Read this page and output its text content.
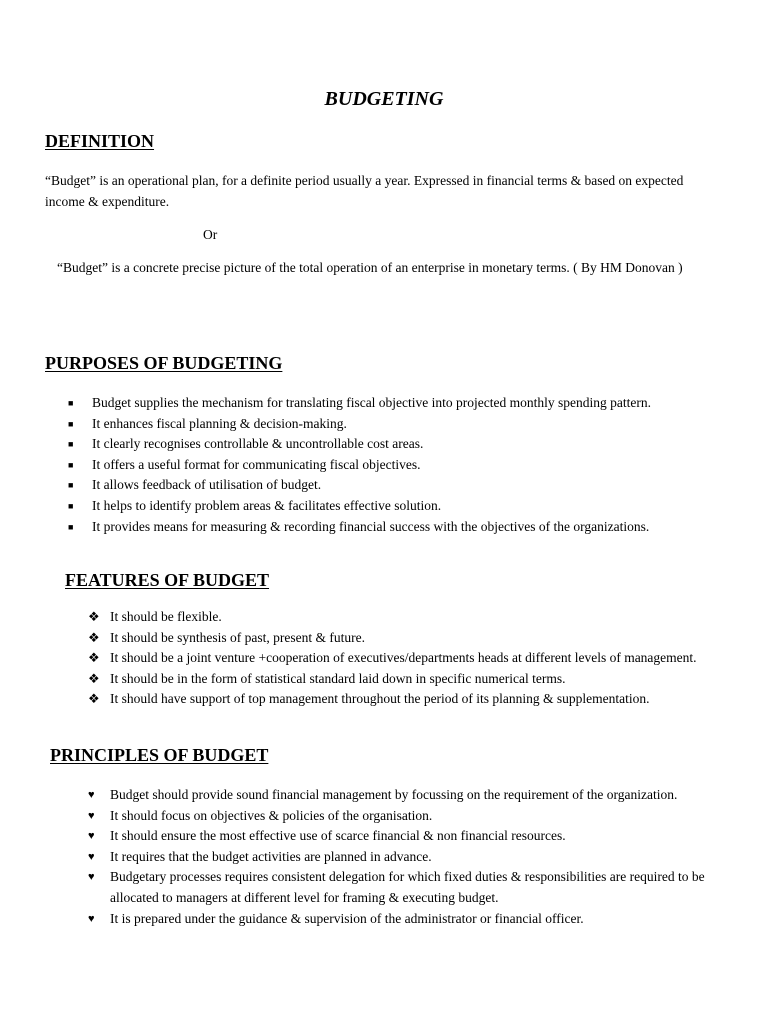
BUDGETING
DEFINITION

“Budget” is an operational plan, for a definite period usually a year. Expressed in financial terms & based on expected income & expenditure.

Or

“Budget” is a concrete precise picture of the total operation of an enterprise in monetary terms. ( By HM Donovan )

PURPOSES OF BUDGETING
■ Budget supplies the mechanism for translating fiscal objective into projected monthly spending pattern.
■ It enhances fiscal planning & decision-making.
■ It clearly recognises controllable & uncontrollable cost areas.
■ It offers a useful format for communicating fiscal objectives.
■ It allows feedback of utilisation of budget.
■ It helps to identify problem areas & facilitates effective solution.
■ It provides means for measuring & recording financial success with the objectives of the organizations.
FEATURES OF BUDGET
❖ It should be flexible.
❖ It should be synthesis of past, present & future.
❖ It should be a joint venture +cooperation of executives/departments heads at different levels of management.
❖ It should be in the form of statistical standard laid down in specific numerical terms.
❖ It should have support of top management throughout the period of its planning & supplementation.
PRINCIPLES OF BUDGET
♥ Budget should provide sound financial management by focussing on the requirement of the organization.
♥ It should focus on objectives & policies of the organisation.
♥ It should ensure the most effective use of scarce financial & non financial resources.
♥ It requires that the budget activities are planned in advance.
♥ Budgetary processes requires consistent delegation for which fixed duties & responsibilities are required to be allocated to managers at different level for framing & executing budget.
♥ It is prepared under the guidance & supervision of the administrator or financial officer.
